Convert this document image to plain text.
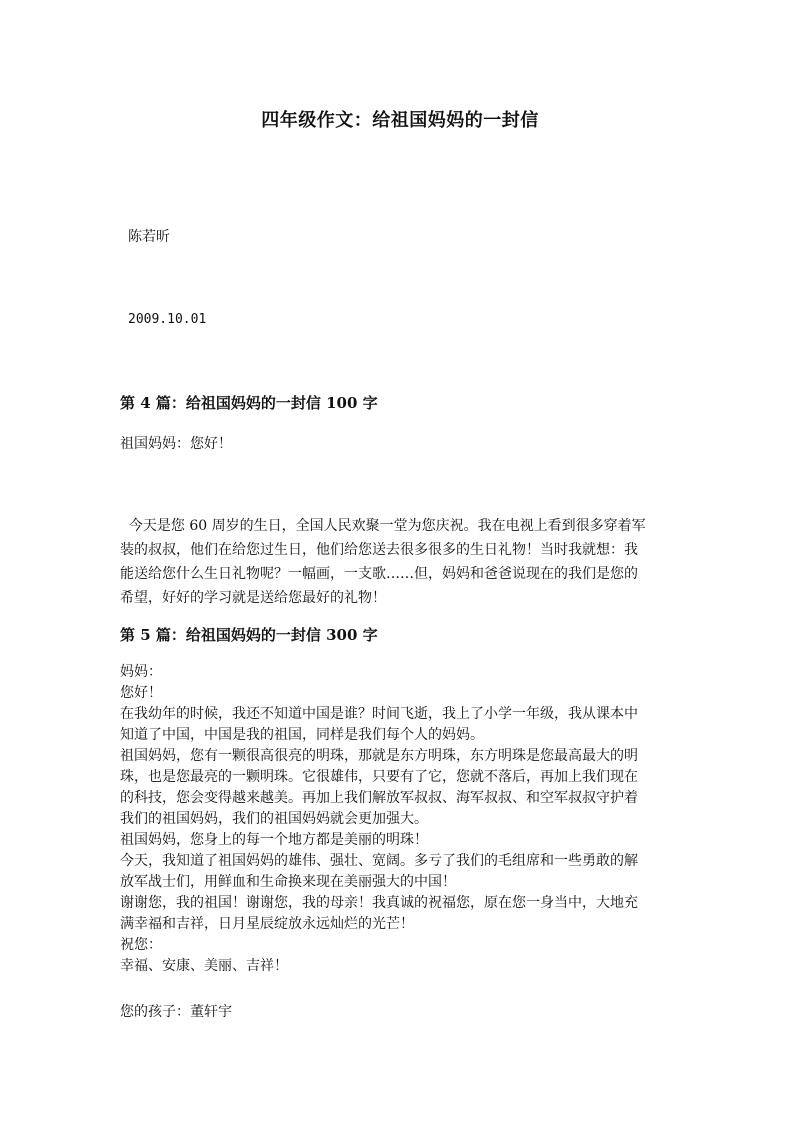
四年级作文：给祖国妈妈的一封信
陈若昕
2009.10.01
第 4 篇：给祖国妈妈的一封信 100 字
祖国妈妈：您好！

今天是您 60 周岁的生日，全国人民欢聚一堂为您庆祝。我在电视上看到很多穿着军

装的叔叔，他们在给您过生日，他们给您送去很多很多的生日礼物！当时我就想：我

能送给您什么生日礼物呢？一幅画，一支歌……但，妈妈和爸爸说现在的我们是您的

希望，好好的学习就是送给您最好的礼物！

第 5 篇：给祖国妈妈的一封信 300 字

妈妈：

您好！

在我幼年的时候，我还不知道中国是谁？时间飞逝，我上了小学一年级，我从课本中

知道了中国，中国是我的祖国，同样是我们每个人的妈妈。

祖国妈妈，您有一颗很高很亮的明珠，那就是东方明珠，东方明珠是您最高最大的明

珠，也是您最亮的一颗明珠。它很雄伟，只要有了它，您就不落后，再加上我们现在

的科技，您会变得越来越美。再加上我们解放军叔叔、海军叔叔、和空军叔叔守护着

我们的祖国妈妈，我们的祖国妈妈就会更加强大。

祖国妈妈，您身上的每一个地方都是美丽的明珠！

今天，我知道了祖国妈妈的雄伟、强壮、宽阔。多亏了我们的毛组席和一些勇敢的解

放军战士们，用鲜血和生命换来现在美丽强大的中国！

谢谢您，我的祖国！谢谢您，我的母亲！我真诚的祝福您，原在您一身当中，大地充

满幸福和吉祥，日月星辰绽放永远灿烂的光芒！

祝您：

幸福、安康、美丽、吉祥！

您的孩子：董轩宇
